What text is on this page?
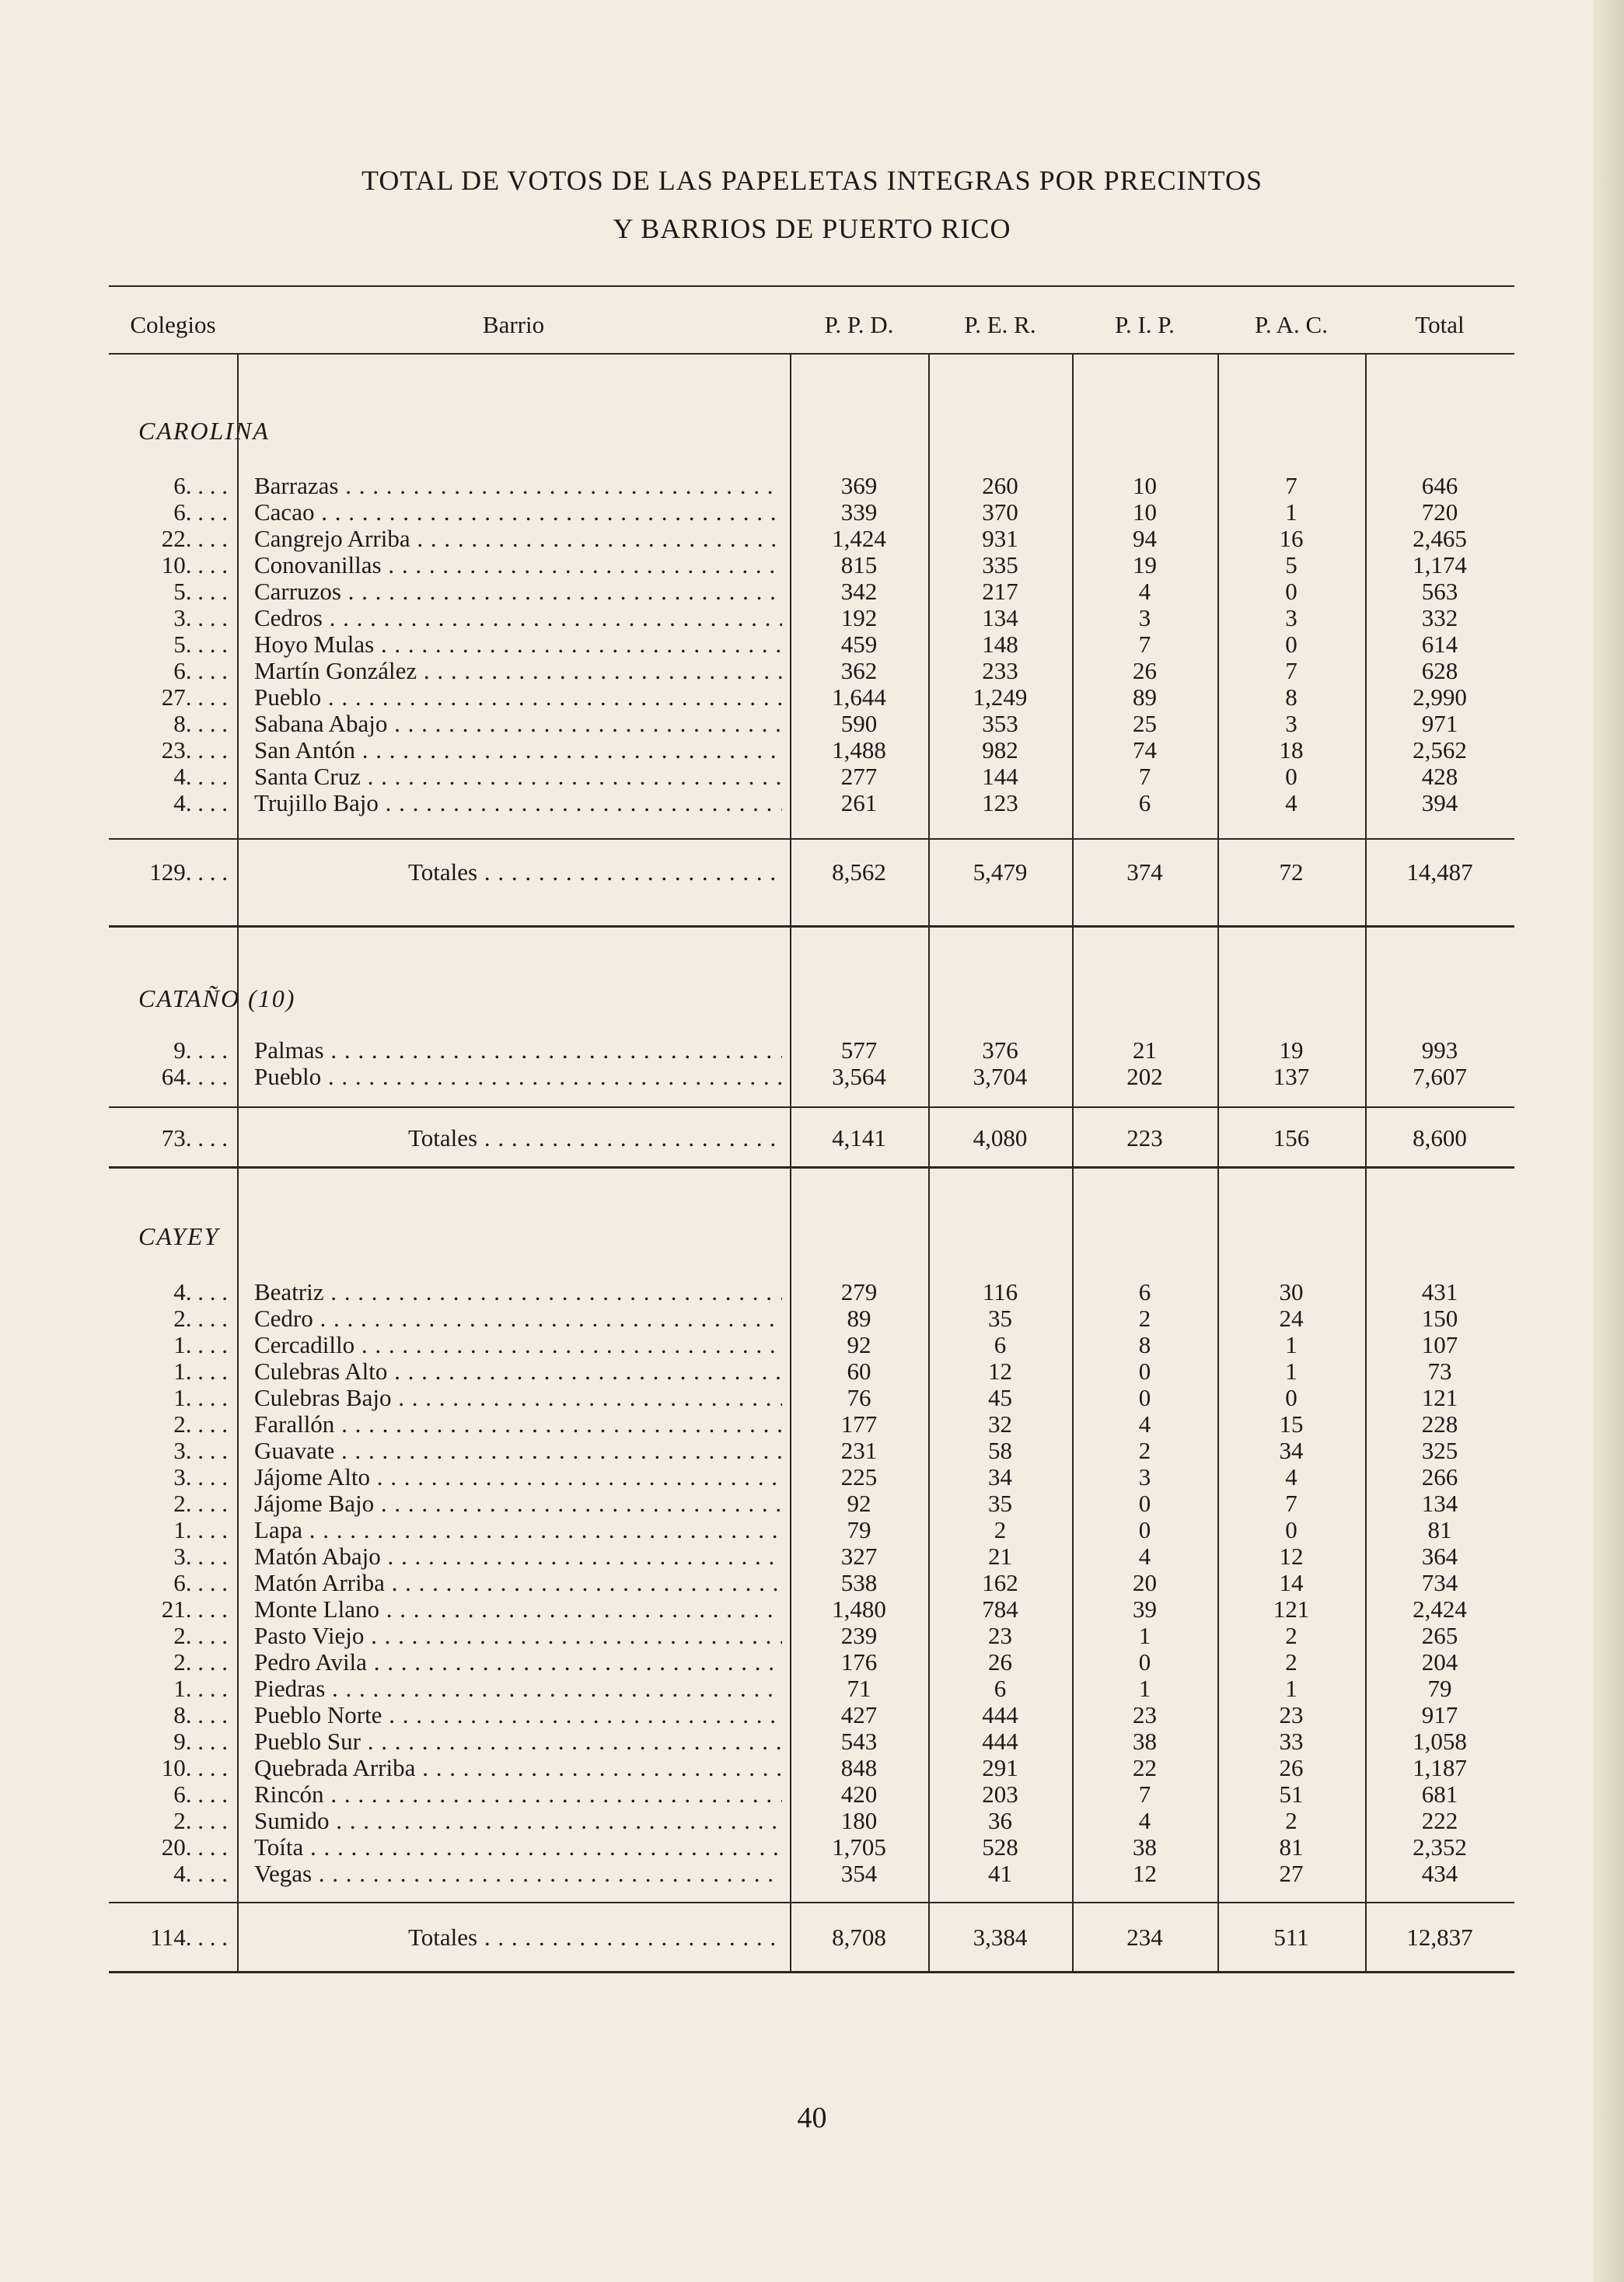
TOTAL DE VOTOS DE LAS PAPELETAS INTEGRAS POR PRECINTOS
Y BARRIOS DE PUERTO RICO
Colegios	Barrio	P. P. D.	P. E. R.	P. I. P.	P. A. C.	Total
CAROLINA
6. . . . Barrazas . . .	369	260	10	7	646
6. . . . Cacao . . .	339	370	10	1	720
22. . . . Cangrejo Arriba . . .	1,424	931	94	16	2,465
10. . . . Conovanillas . . .	815	335	19	5	1,174
5. . . . Carruzos . . .	342	217	4	0	563
3. . . . Cedros . . .	192	134	3	3	332
5. . . . Hoyo Mulas . . .	459	148	7	0	614
6. . . . Martín González . . .	362	233	26	7	628
27. . . . Pueblo . . .	1,644	1,249	89	8	2,990
8. . . . Sabana Abajo . . .	590	353	25	3	971
23. . . . San Antón . . .	1,488	982	74	18	2,562
4. . . . Santa Cruz . . .	277	144	7	0	428
4. . . . Trujillo Bajo . . .	261	123	6	4	394
129. . . .	Totales . . .	8,562	5,479	374	72	14,487
CATAÑO (10)
9. . . . Palmas . . .	577	376	21	19	993
64. . . . Pueblo . . .	3,564	3,704	202	137	7,607
73. . . .	Totales . . .	4,141	4,080	223	156	8,600
CAYEY
4. . . . Beatriz . . .	279	116	6	30	431
2. . . . Cedro . . .	89	35	2	24	150
1. . . . Cercadillo . . .	92	6	8	1	107
1. . . . Culebras Alto . . .	60	12	0	1	73
1. . . . Culebras Bajo . . .	76	45	0	0	121
2. . . . Farallón . . .	177	32	4	15	228
3. . . . Guavate . . .	231	58	2	34	325
3. . . . Jájome Alto . . .	225	34	3	4	266
2. . . . Jájome Bajo . . .	92	35	0	7	134
1. . . . Lapa . . .	79	2	0	0	81
3. . . . Matón Abajo . . .	327	21	4	12	364
6. . . . Matón Arriba . . .	538	162	20	14	734
21. . . . Monte Llano . . .	1,480	784	39	121	2,424
2. . . . Pasto Viejo . . .	239	23	1	2	265
2. . . . Pedro Avila . . .	176	26	0	2	204
1. . . . Piedras . . .	71	6	1	1	79
8. . . . Pueblo Norte . . .	427	444	23	23	917
9. . . . Pueblo Sur . . .	543	444	38	33	1,058
10. . . . Quebrada Arriba . . .	848	291	22	26	1,187
6. . . . Rincón . . .	420	203	7	51	681
2. . . . Sumido . . .	180	36	4	2	222
20. . . . Toíta . . .	1,705	528	38	81	2,352
4. . . . Vegas . . .	354	41	12	27	434
114. . . .	Totales . . .	8,708	3,384	234	511	12,837
40
